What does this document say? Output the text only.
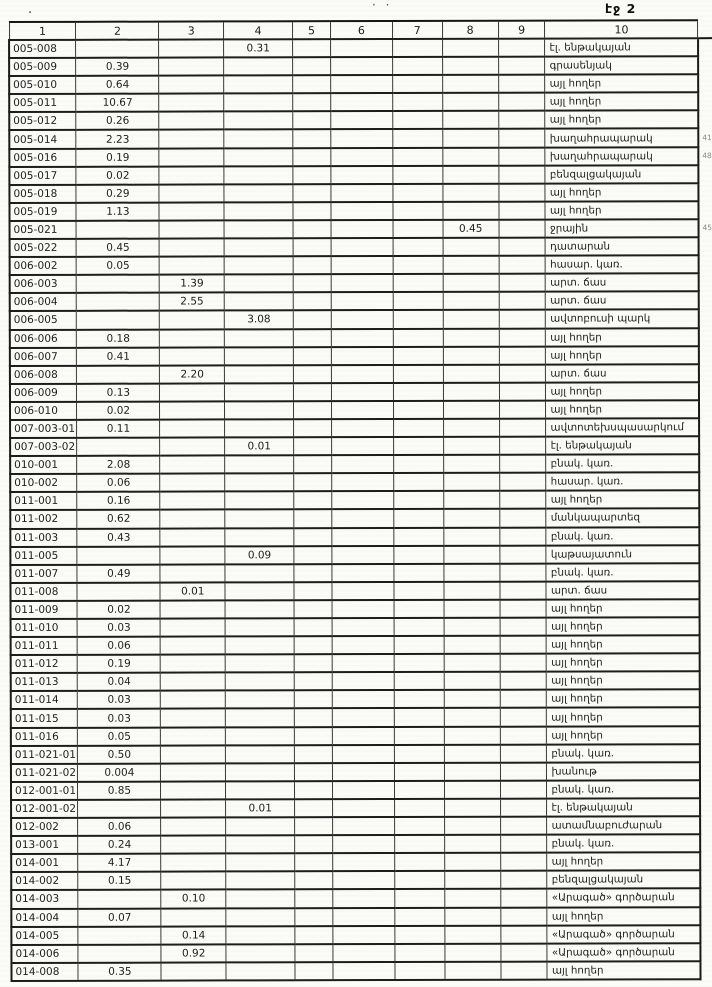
.	· ·	էջ 2
1	2	3	4	5	6	7	8	9	10	
005-008			0.31						էլ. ենթակայան	
005-009	0.39								գրասենյակ	
005-010	0.64								այլ հողեր	
005-011	10.67								այլ հողեր	
005-012	0.26								այլ հողեր	
005-014	2.23								խաղահրապարակ	41
005-016	0.19								խաղահրապարակ	48
005-017	0.02								բենզալցակայան	
005-018	0.29								այլ հողեր	
005-019	1.13								այլ հողեր	
005-021							0.45		ջրային	45
005-022	0.45								դատարան	
006-002	0.05								հասար. կառ.	
006-003		1.39							արտ. ճաս	
006-004		2.55							արտ. ճաս	
006-005			3.08						ավտոբուսի պարկ	
006-006	0.18								այլ հողեր	
006-007	0.41								այլ հողեր	
006-008		2.20							արտ. ճաս	
006-009	0.13								այլ հողեր	
006-010	0.02								այլ հողեր	
007-003-01	0.11								ավտոտեխսպասարկում	
007-003-02			0.01						էլ. ենթակայան	
010-001	2.08								բնակ. կառ.	
010-002	0.06								հասար. կառ.	
011-001	0.16								այլ հողեր	
011-002	0.62								մանկապարտեզ	
011-003	0.43								բնակ. կառ.	
011-005			0.09						կաթսայատուն	
011-007	0.49								բնակ. կառ.	
011-008		0.01							արտ. ճաս	
011-009	0.02								այլ հողեր	
011-010	0.03								այլ հողեր	
011-011	0.06								այլ հողեր	
011-012	0.19								այլ հողեր	
011-013	0.04								այլ հողեր	
011-014	0.03								այլ հողեր	
011-015	0.03								այլ հողեր	
011-016	0.05								այլ հողեր	
011-021-01	0.50								բնակ. կառ.	
011-021-02	0.004								խանութ	
012-001-01	0.85								բնակ. կառ.	
012-001-02			0.01						էլ. ենթակայան	
012-002	0.06								ատամնաբուժարան	
013-001	0.24								բնակ. կառ.	
014-001	4.17								այլ հողեր	
014-002	0.15								բենզալցակայան	
014-003		0.10							«Արագած» գործարան	
014-004	0.07								այլ հողեր	
014-005		0.14							«Արագած» գործարան	
014-006		0.92							«Արագած» գործարան	
014-008	0.35								այլ հողեր	
